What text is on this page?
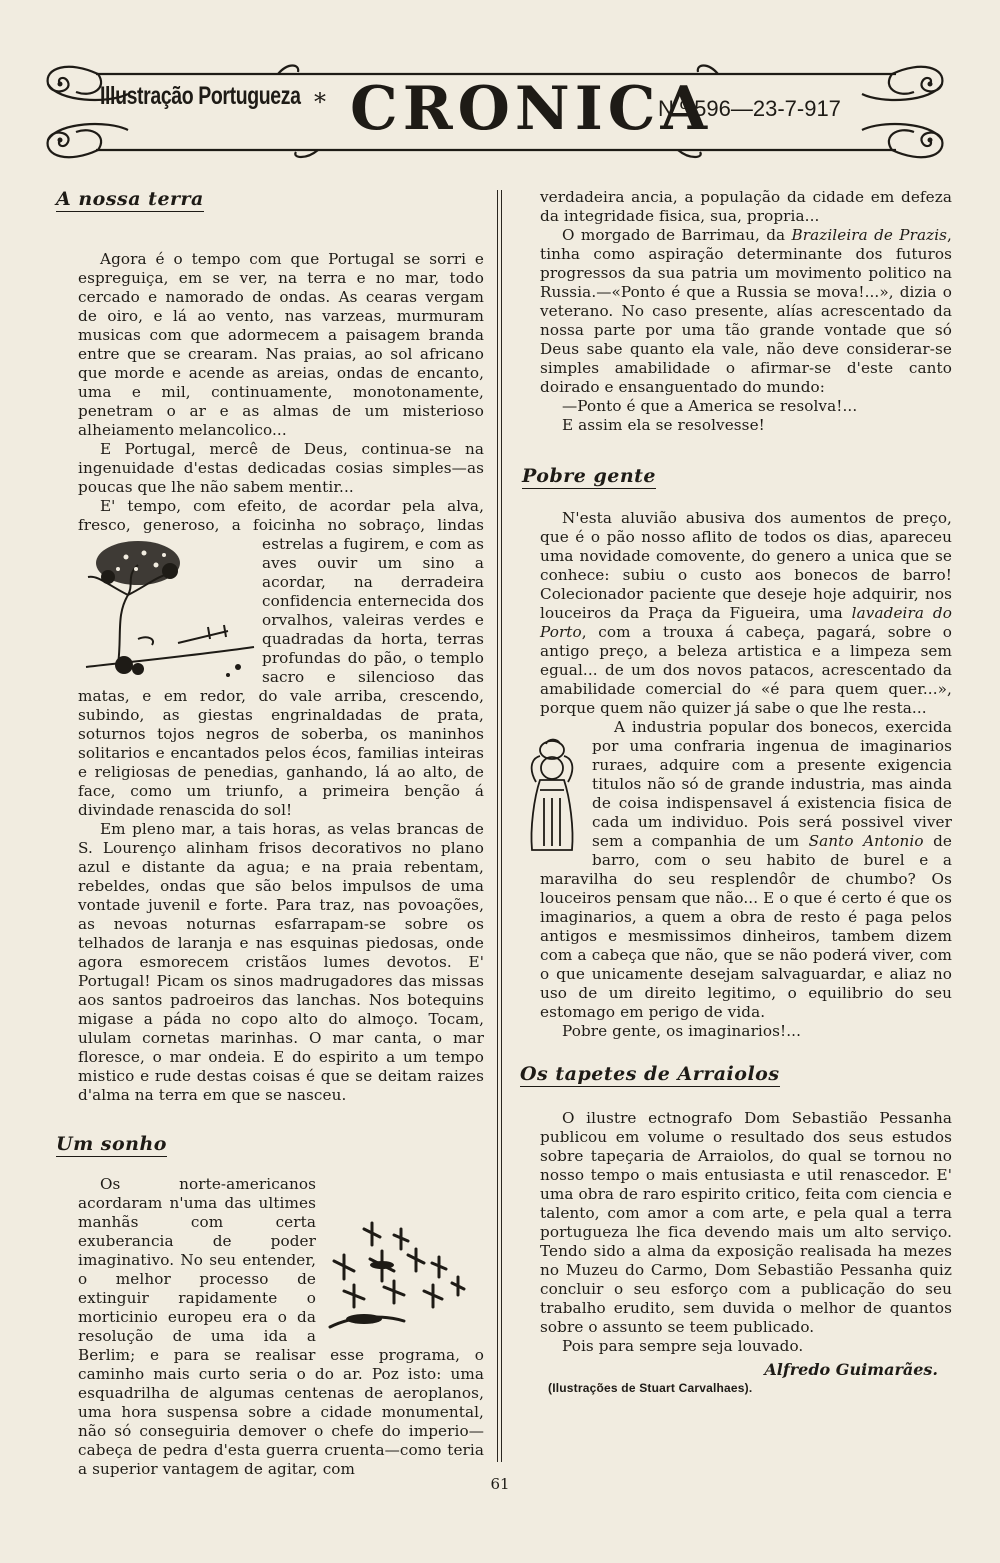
Illustração Portugueza * CRONICA
N.º 596—23-7-917
A nossa terra

Agora é o tempo com que Portugal se sorri e espreguiça, em se ver, na terra e no mar, todo cercado e namorado de ondas. As cearas vergam de oiro, e lá ao vento, nas varzeas, murmuram musicas com que adormecem a paisagem branda entre que se crearam. Nas praias, ao sol africano que morde e acende as areias, ondas de encanto, uma e mil, continuamente, monotonamente, penetram o ar e as almas de um misterioso alheiamento melancolico...

E Portugal, mercê de Deus, continua-se na ingenuidade d'estas dedicadas cosias simples—as poucas que lhe não sabem mentir...

E' tempo, com efeito, de acordar pela alva, fresco, generoso, a foicinha no sobraço, lindas estrelas a fugirem, e com as aves ouvir um sino a acordar, na derradeira confidencia enternecida dos orvalhos, valeiras verdes e quadradas da horta, terras profundas do pão, o templo sacro e silencioso das matas, e em redor, do vale arriba, crescendo, subindo, as giestas engrinaldadas de prata, soturnos tojos negros de soberba, os maninhos solitarios e encantados pelos écos, familias inteiras e religiosas de penedias, ganhando, lá ao alto, de face, como um triunfo, a primeira benção á divindade renascida do sol!

Em pleno mar, a tais horas, as velas brancas de S. Lourenço alinham frisos decorativos no plano azul e distante da agua; e na praia rebentam, rebeldes, ondas que são belos impulsos de uma vontade juvenil e forte. Para traz, nas povoações, as nevoas noturnas esfarrapam-se sobre os telhados de laranja e nas esquinas piedosas, onde agora esmorecem cristãos lumes devotos. E' Portugal! Picam os sinos madrugadores das missas aos santos padroeiros das lanchas. Nos botequins migase a páda no copo alto do almoço. Tocam, ululam cornetas marinhas. O mar canta, o mar floresce, o mar ondeia. E do espirito a um tempo mistico e rude destas coisas é que se deitam raizes d'alma na terra em que se nasceu.

Um sonho

Os norte-americanos acordaram n'uma das ultimes manhãs com certa exuberancia de poder imaginativo. No seu entender, o melhor processo de extinguir rapidamente o morticinio europeu era o da resolução de uma ida a Berlim; e para se realisar esse programa, o caminho mais curto seria o do ar. Poz isto: uma esquadrilha de algumas centenas de aeroplanos, uma hora suspensa sobre a cidade monumental, não só conseguiria demover o chefe do imperio—cabeça de pedra d'esta guerra cruenta—como teria a superior vantagem de agitar, com

verdadeira ancia, a população da cidade em defeza da integridade fisica, sua, propria...

O morgado de Barrimau, da Brazileira de Prazis, tinha como aspiração determinante dos futuros progressos da sua patria um movimento politico na Russia.—«Ponto é que a Russia se mova!...», dizia o veterano. No caso presente, alías acrescentado da nossa parte por uma tão grande vontade que só Deus sabe quanto ela vale, não deve considerar-se simples amabilidade o afirmar-se d'este canto doirado e ensanguentado do mundo:

—Ponto é que a America se resolva!...

E assim ela se resolvesse!

Pobre gente

N'esta aluvião abusiva dos aumentos de preço, que é o pão nosso aflito de todos os dias, apareceu uma novidade comovente, do genero a unica que se conhece: subiu o custo aos bonecos de barro! Colecionador paciente que deseje hoje adquirir, nos louceiros da Praça da Figueira, uma lavadeira do Porto, com a trouxa á cabeça, pagará, sobre o antigo preço, a beleza artistica e a limpeza sem egual... de um dos novos patacos, acrescentado da amabilidade comercial do «é para quem quer...», porque quem não quizer já sabe o que lhe resta...

A industria popular dos bonecos, exercida por uma confraria ingenua de imaginarios ruraes, adquire com a presente exigencia titulos não só de grande industria, mas ainda de coisa indispensavel á existencia fisica de cada um individuo. Pois será possivel viver sem a companhia de um Santo Antonio de barro, com o seu habito de burel e a maravilha do seu resplendôr de chumbo? Os louceiros pensam que não... E o que é certo é que os imaginarios, a quem a obra de resto é paga pelos antigos e mesmissimos dinheiros, tambem dizem com a cabeça que não, que se não poderá viver, com o que unicamente desejam salvaguardar, e aliaz no uso de um direito legitimo, o equilibrio do seu estomago em perigo de vida.

Pobre gente, os imaginarios!...

Os tapetes de Arraiolos

O ilustre ectnografo Dom Sebastião Pessanha publicou em volume o resultado dos seus estudos sobre tapeçaria de Arraiolos, do qual se tornou no nosso tempo o mais entusiasta e util renascedor. E' uma obra de raro espirito critico, feita com ciencia e talento, com amor a com arte, e pela qual a terra portugueza lhe fica devendo mais um alto serviço. Tendo sido a alma da exposição realisada ha mezes no Muzeu do Carmo, Dom Sebastião Pessanha quiz concluir o seu esforço com a publicação do seu trabalho erudito, sem duvida o melhor de quantos sobre o assunto se teem publicado.

Pois para sempre seja louvado.

Alfredo Guimarães.

(Ilustrações de Stuart Carvalhaes).

61
